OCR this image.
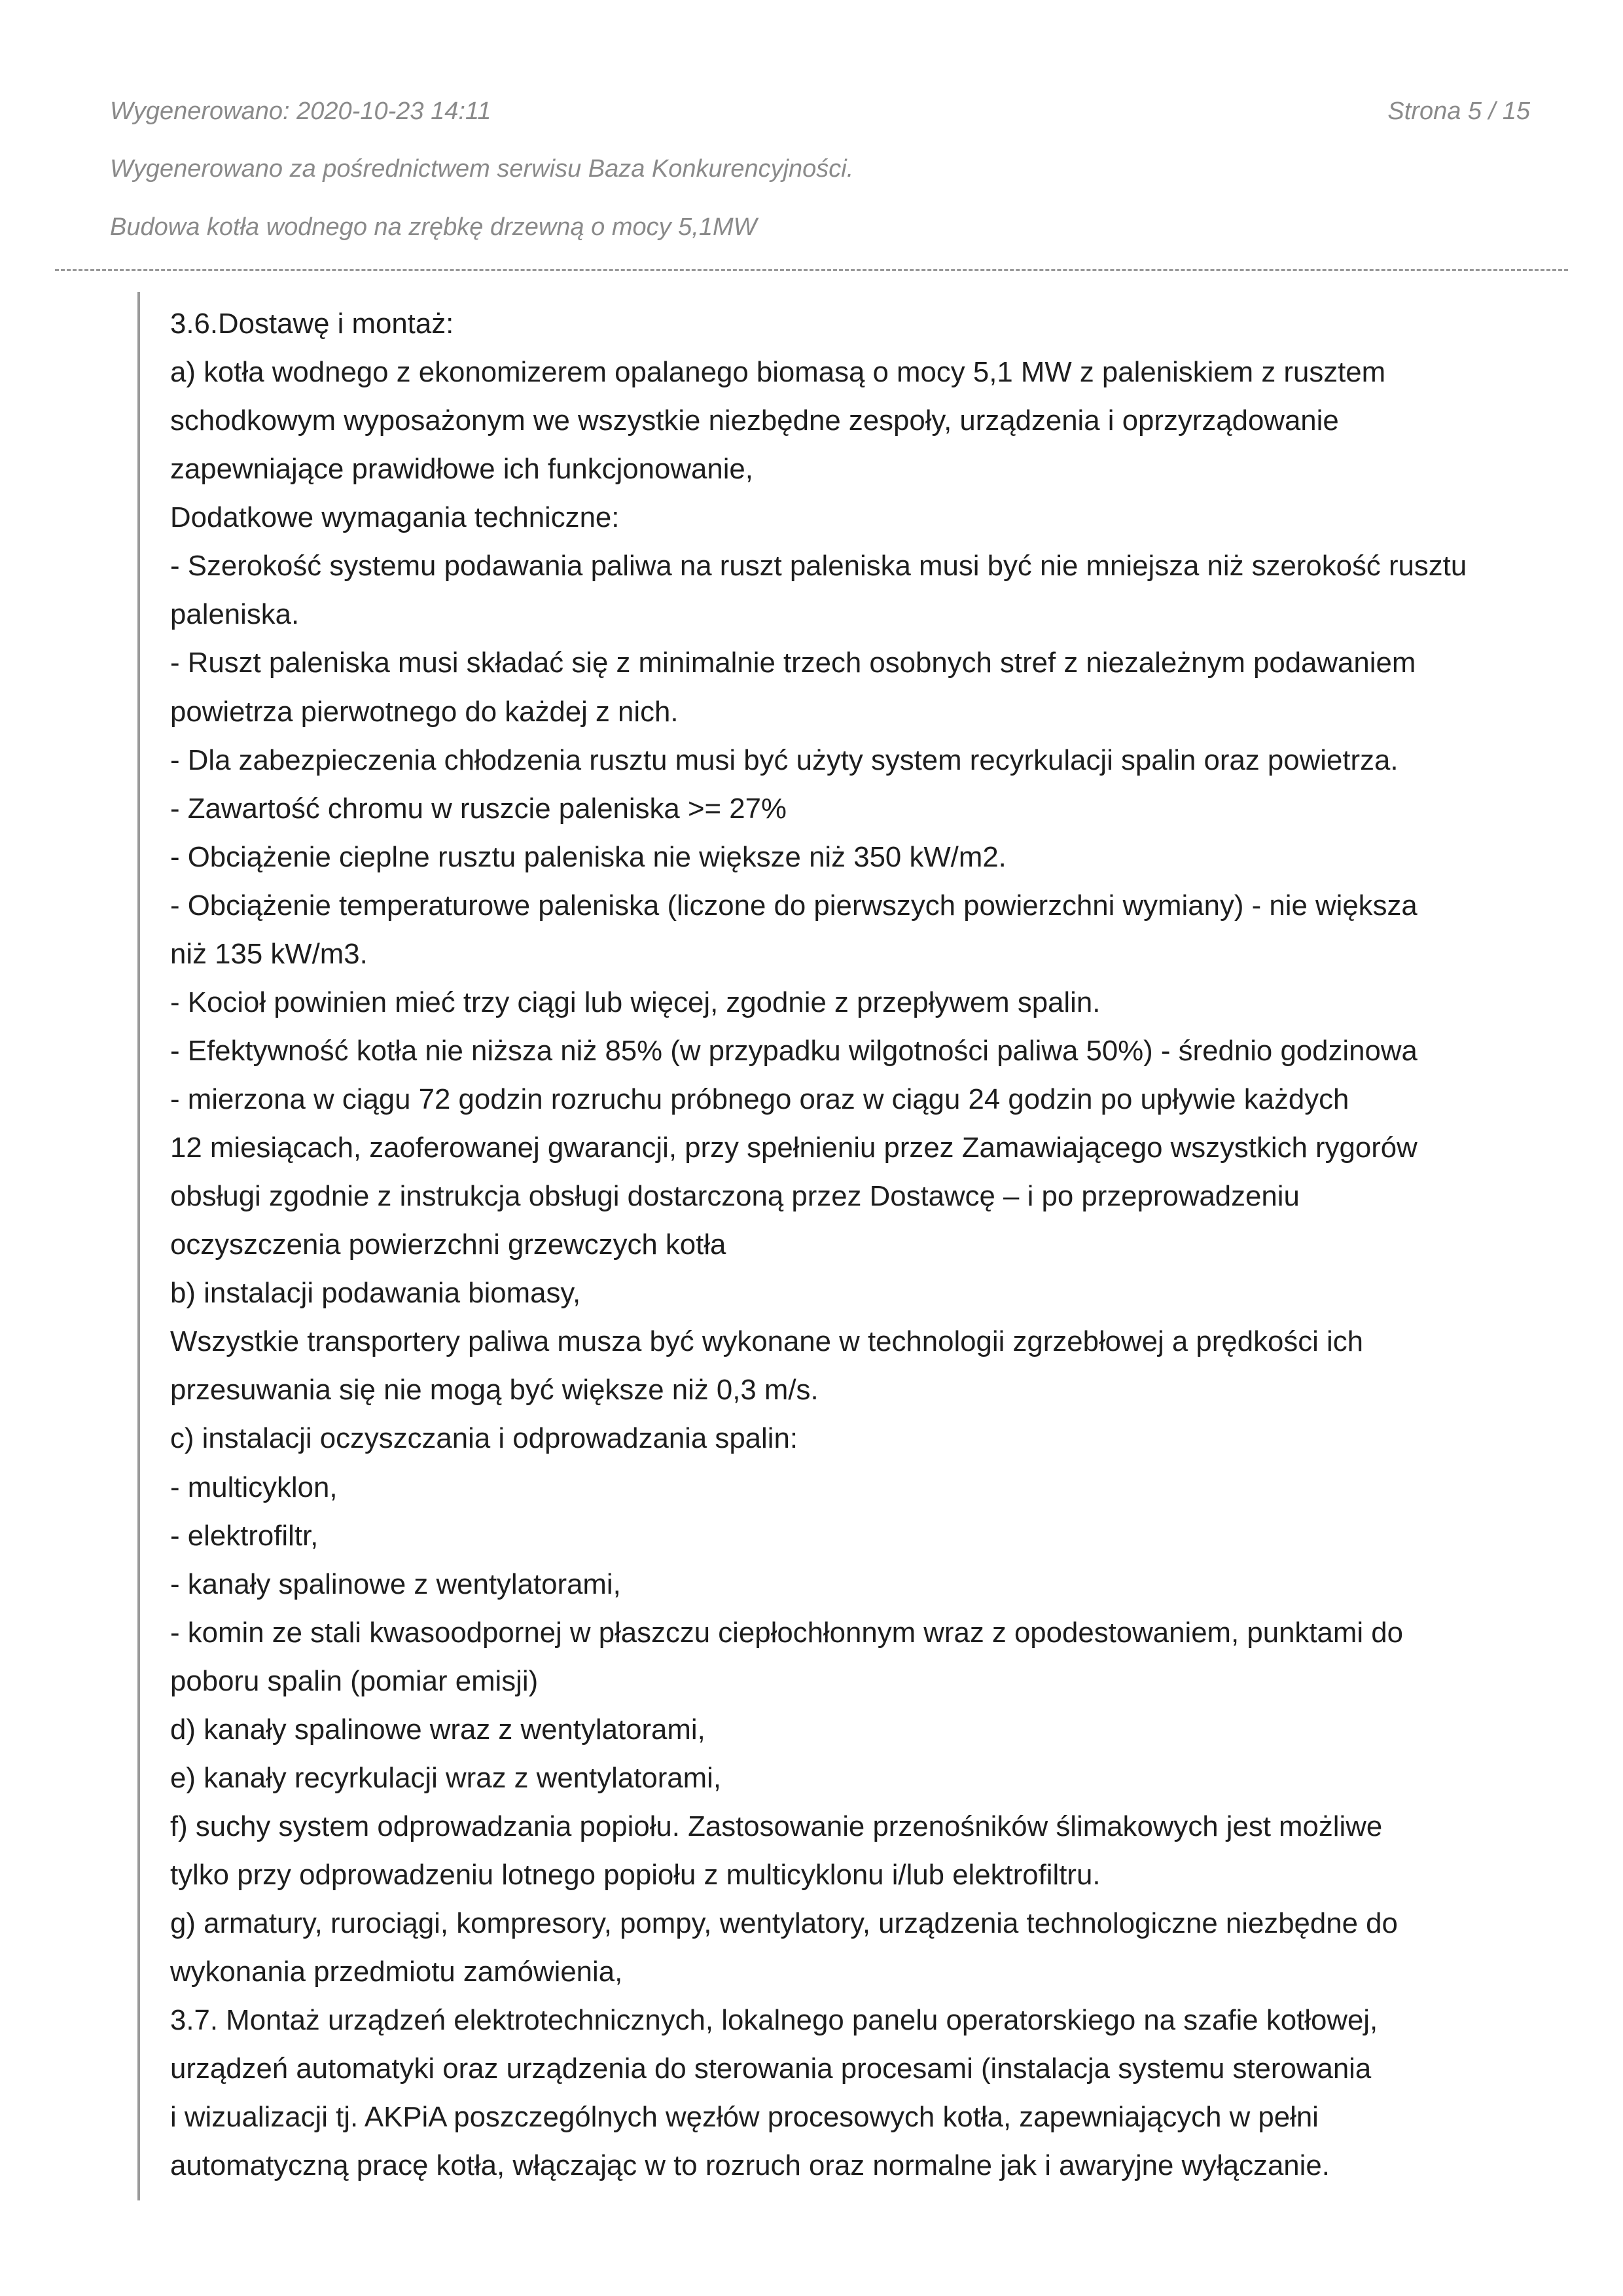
Wygenerowano: 2020-10-23 14:11	Strona 5 / 15
Wygenerowano za pośrednictwem serwisu Baza Konkurencyjności.
Budowa kotła wodnego na zrębkę drzewną o mocy 5,1MW
3.6.Dostawę i montaż:
a) kotła wodnego z ekonomizerem opalanego biomasą o mocy 5,1 MW z paleniskiem z rusztem
schodkowym wyposażonym we wszystkie niezbędne zespoły, urządzenia i oprzyrządowanie
zapewniające prawidłowe ich funkcjonowanie,
Dodatkowe wymagania techniczne:
- Szerokość systemu podawania paliwa na ruszt paleniska musi być nie mniejsza niż szerokość rusztu
paleniska.
- Ruszt paleniska musi składać się z minimalnie trzech osobnych stref z niezależnym podawaniem
powietrza pierwotnego do każdej z nich.
- Dla zabezpieczenia chłodzenia rusztu musi być użyty system recyrkulacji spalin oraz powietrza.
- Zawartość chromu w ruszcie paleniska >= 27%
- Obciążenie cieplne rusztu paleniska nie większe niż 350 kW/m2.
- Obciążenie temperaturowe paleniska (liczone do pierwszych powierzchni wymiany) - nie większa
niż 135 kW/m3.
- Kocioł powinien mieć trzy ciągi lub więcej, zgodnie z przepływem spalin.
- Efektywność kotła nie niższa niż 85% (w przypadku wilgotności paliwa 50%) - średnio godzinowa
- mierzona w ciągu 72 godzin rozruchu próbnego oraz w ciągu 24 godzin po upływie każdych
12 miesiącach, zaoferowanej gwarancji, przy spełnieniu przez Zamawiającego wszystkich rygorów
obsługi zgodnie z instrukcja obsługi dostarczoną przez Dostawcę – i po przeprowadzeniu
oczyszczenia powierzchni grzewczych kotła
b) instalacji podawania biomasy,
Wszystkie transportery paliwa musza być wykonane w technologii zgrzebłowej a prędkości ich
przesuwania się nie mogą być większe niż 0,3 m/s.
c) instalacji oczyszczania i odprowadzania spalin:
- multicyklon,
- elektrofiltr,
- kanały spalinowe z wentylatorami,
- komin ze stali kwasoodpornej w płaszczu ciepłochłonnym wraz z opodestowaniem, punktami do
poboru spalin (pomiar emisji)
d) kanały spalinowe wraz z wentylatorami,
e) kanały recyrkulacji wraz z wentylatorami,
f) suchy system odprowadzania popiołu. Zastosowanie przenośników ślimakowych jest możliwe
tylko przy odprowadzeniu lotnego popiołu z multicyklonu i/lub elektrofiltru.
g) armatury, rurociągi, kompresory, pompy, wentylatory, urządzenia technologiczne niezbędne do
wykonania przedmiotu zamówienia,
3.7. Montaż urządzeń elektrotechnicznych, lokalnego panelu operatorskiego na szafie kotłowej,
urządzeń automatyki oraz urządzenia do sterowania procesami (instalacja systemu sterowania
i wizualizacji tj. AKPiA poszczególnych węzłów procesowych kotła, zapewniających w pełni
automatyczną pracę kotła, włączając w to rozruch oraz normalne jak i awaryjne wyłączanie.
